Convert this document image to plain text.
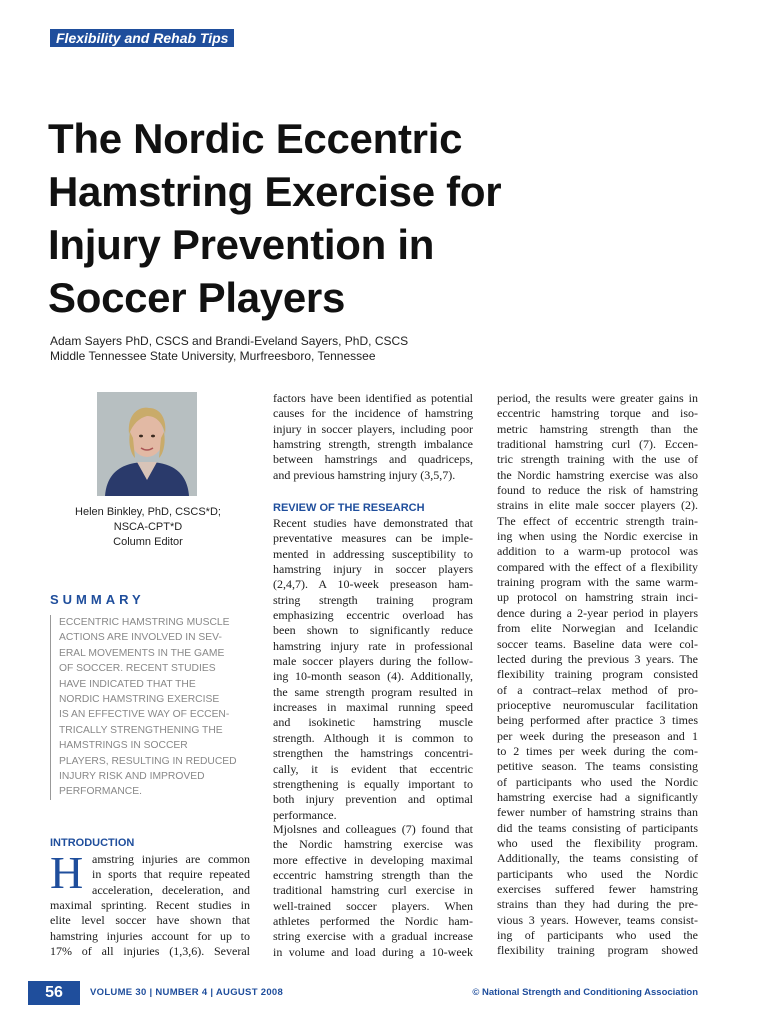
Flexibility and Rehab Tips
The Nordic Eccentric
Hamstring Exercise for
Injury Prevention in
Soccer Players
Adam Sayers PhD, CSCS and Brandi-Eveland Sayers, PhD, CSCS
Middle Tennessee State University, Murfreesboro, Tennessee
Helen Binkley, PhD, CSCS*D;
NSCA-CPT*D
Column Editor
SUMMARY
ECCENTRIC HAMSTRING MUSCLE
ACTIONS ARE INVOLVED IN SEV-
ERAL MOVEMENTS IN THE GAME
OF SOCCER. RECENT STUDIES
HAVE INDICATED THAT THE
NORDIC HAMSTRING EXERCISE
IS AN EFFECTIVE WAY OF ECCEN-
TRICALLY STRENGTHENING THE
HAMSTRINGS IN SOCCER
PLAYERS, RESULTING IN REDUCED
INJURY RISK AND IMPROVED
PERFORMANCE.
INTRODUCTION
H amstring injuries are common
in sports that require repeated
acceleration, deceleration, and
maximal sprinting. Recent studies in
elite level soccer have shown that
hamstring injuries account for up to
17% of all injuries (1,3,6). Several
factors have been identified as potential
causes for the incidence of hamstring
injury in soccer players, including poor
hamstring strength, strength imbalance
between hamstrings and quadriceps,
and previous hamstring injury (3,5,7).
REVIEW OF THE RESEARCH
Recent studies have demonstrated that
preventative measures can be imple-
mented in addressing susceptibility to
hamstring injury in soccer players
(2,4,7). A 10-week preseason ham-
string strength training program
emphasizing eccentric overload has
been shown to significantly reduce
hamstring injury rate in professional
male soccer players during the follow-
ing 10-month season (4). Additionally,
the same strength program resulted in
increases in maximal running speed
and isokinetic hamstring muscle
strength. Although it is common to
strengthen the hamstrings concentri-
cally, it is evident that eccentric
strengthening is equally important to
both injury prevention and optimal
performance.
Mjolsnes and colleagues (7) found that
the Nordic hamstring exercise was
more effective in developing maximal
eccentric hamstring strength than the
traditional hamstring curl exercise in
well-trained soccer players. When
athletes performed the Nordic ham-
string exercise with a gradual increase
in volume and load during a 10-week
period, the results were greater gains in
eccentric hamstring torque and iso-
metric hamstring strength than the
traditional hamstring curl (7). Eccen-
tric strength training with the use of
the Nordic hamstring exercise was also
found to reduce the risk of hamstring
strains in elite male soccer players (2).
The effect of eccentric strength train-
ing when using the Nordic exercise in
addition to a warm-up protocol was
compared with the effect of a flexibility
training program with the same warm-
up protocol on hamstring strain inci-
dence during a 2-year period in players
from elite Norwegian and Icelandic
soccer teams. Baseline data were col-
lected during the previous 3 years. The
flexibility training program consisted
of a contract–relax method of pro-
prioceptive neuromuscular facilitation
being performed after practice 3 times
per week during the preseason and 1
to 2 times per week during the com-
petitive season. The teams consisting
of participants who used the Nordic
hamstring exercise had a significantly
fewer number of hamstring strains than
did the teams consisting of participants
who used the flexibility program.
Additionally, the teams consisting of
participants who used the Nordic
exercises suffered fewer hamstring
strains than they had during the pre-
vious 3 years. However, teams consist-
ing of participants who used the
flexibility training program showed
56	VOLUME 30 | NUMBER 4 | AUGUST 2008	© National Strength and Conditioning Association
